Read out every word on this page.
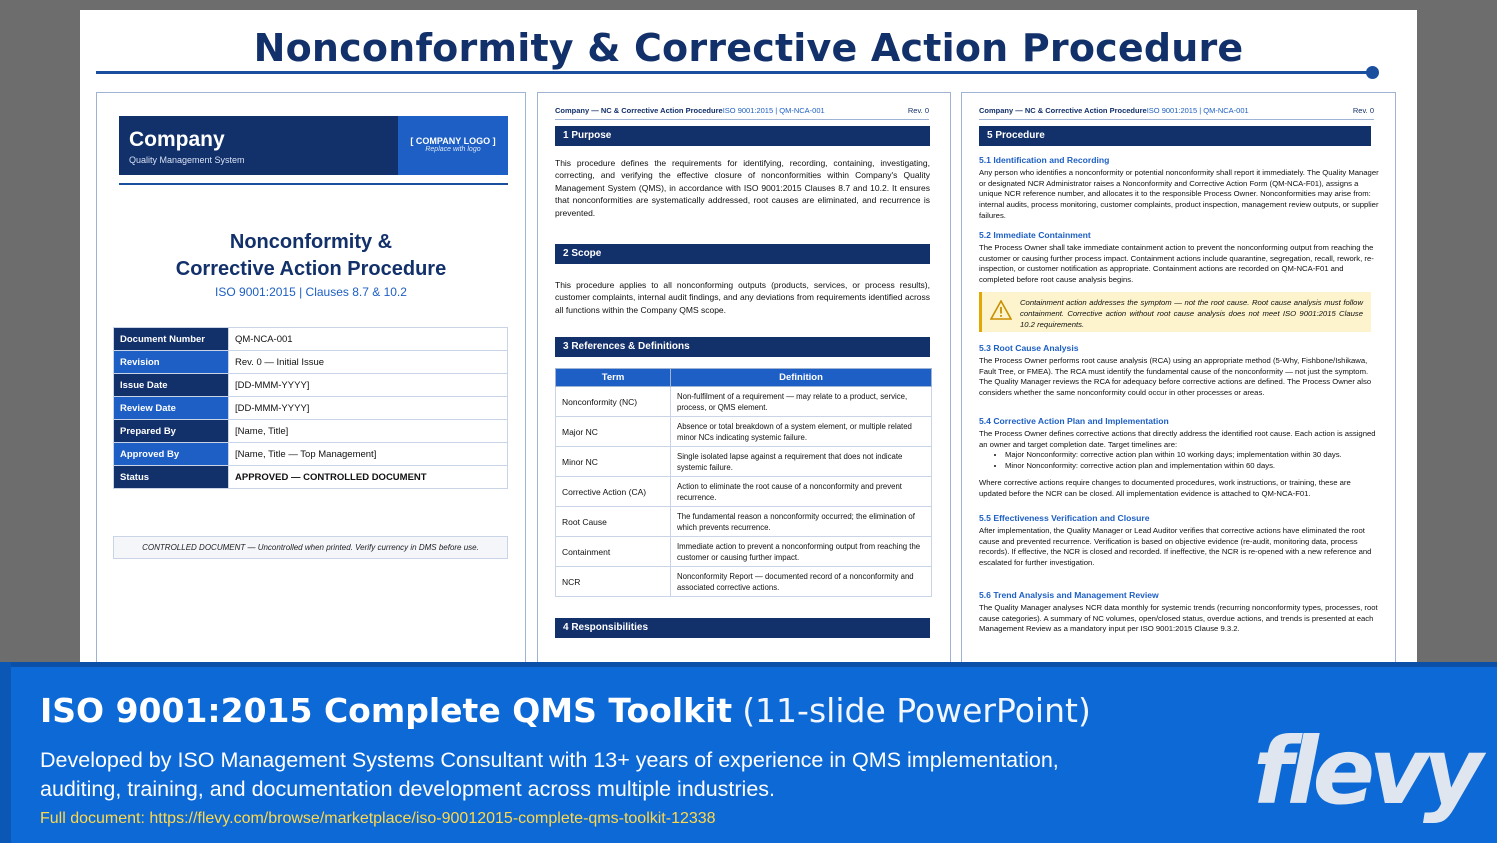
Nonconformity & Corrective Action Procedure
Company
Quality Management System
[ COMPANY LOGO ]
Replace with logo
Nonconformity &
Corrective Action Procedure
ISO 9001:2015 | Clauses 8.7 & 10.2
Document Number	QM-NCA-001
Revision	Rev. 0 — Initial Issue
Issue Date	[DD-MMM-YYYY]
Review Date	[DD-MMM-YYYY]
Prepared By	[Name, Title]
Approved By	[Name, Title — Top Management]
Status	APPROVED — CONTROLLED DOCUMENT
CONTROLLED DOCUMENT — Uncontrolled when printed. Verify currency in DMS before use.
Company — NC & Corrective Action ProcedureISO 9001:2015 | QM-NCA-001	Rev. 0
1 Purpose
This procedure defines the requirements for identifying, recording, containing, investigating, correcting, and verifying the effective closure of nonconformities within Company's Quality Management System (QMS), in accordance with ISO 9001:2015 Clauses 8.7 and 10.2. It ensures that nonconformities are systematically addressed, root causes are eliminated, and recurrence is prevented.
2 Scope
This procedure applies to all nonconforming outputs (products, services, or process results), customer complaints, internal audit findings, and any deviations from requirements identified across all functions within the Company QMS scope.
3 References & Definitions
Term	Definition
Nonconformity (NC)	Non-fulfilment of a requirement — may relate to a product, service, process, or QMS element.
Major NC	Absence or total breakdown of a system element, or multiple related minor NCs indicating systemic failure.
Minor NC	Single isolated lapse against a requirement that does not indicate systemic failure.
Corrective Action (CA)	Action to eliminate the root cause of a nonconformity and prevent recurrence.
Root Cause	The fundamental reason a nonconformity occurred; the elimination of which prevents recurrence.
Containment	Immediate action to prevent a nonconforming output from reaching the customer or causing further impact.
NCR	Nonconformity Report — documented record of a nonconformity and associated corrective actions.
4 Responsibilities
Company — NC & Corrective Action ProcedureISO 9001:2015 | QM-NCA-001	Rev. 0
5 Procedure
5.1 Identification and Recording
Any person who identifies a nonconformity or potential nonconformity shall report it immediately. The Quality Manager or designated NCR Administrator raises a Nonconformity and Corrective Action Form (QM-NCA-F01), assigns a unique NCR reference number, and allocates it to the responsible Process Owner. Nonconformities may arise from: internal audits, process monitoring, customer complaints, product inspection, management review outputs, or supplier failures.
5.2 Immediate Containment
The Process Owner shall take immediate containment action to prevent the nonconforming output from reaching the customer or causing further process impact. Containment actions include quarantine, segregation, recall, rework, re-inspection, or customer notification as appropriate. Containment actions are recorded on QM-NCA-F01 and completed before root cause analysis begins.
Containment action addresses the symptom — not the root cause. Root cause analysis must follow containment. Corrective action without root cause analysis does not meet ISO 9001:2015 Clause 10.2 requirements.
5.3 Root Cause Analysis
The Process Owner performs root cause analysis (RCA) using an appropriate method (5-Why, Fishbone/Ishikawa, Fault Tree, or FMEA). The RCA must identify the fundamental cause of the nonconformity — not just the symptom. The Quality Manager reviews the RCA for adequacy before corrective actions are defined. The Process Owner also considers whether the same nonconformity could occur in other processes or areas.
5.4 Corrective Action Plan and Implementation
The Process Owner defines corrective actions that directly address the identified root cause. Each action is assigned an owner and target completion date. Target timelines are:
• Major Nonconformity: corrective action plan within 10 working days; implementation within 30 days.
• Minor Nonconformity: corrective action plan and implementation within 60 days.
Where corrective actions require changes to documented procedures, work instructions, or training, these are updated before the NCR can be closed. All implementation evidence is attached to QM-NCA-F01.
5.5 Effectiveness Verification and Closure
After implementation, the Quality Manager or Lead Auditor verifies that corrective actions have eliminated the root cause and prevented recurrence. Verification is based on objective evidence (re-audit, monitoring data, process records). If effective, the NCR is closed and recorded. If ineffective, the NCR is re-opened with a new reference and escalated for further investigation.
5.6 Trend Analysis and Management Review
The Quality Manager analyses NCR data monthly for systemic trends (recurring nonconformity types, processes, root cause categories). A summary of NC volumes, open/closed status, overdue actions, and trends is presented at each Management Review as a mandatory input per ISO 9001:2015 Clause 9.3.2.
ISO 9001:2015 Complete QMS Toolkit (11-slide PowerPoint)
Developed by ISO Management Systems Consultant with 13+ years of experience in QMS implementation, auditing, training, and documentation development across multiple industries.
Full document: https://flevy.com/browse/marketplace/iso-90012015-complete-qms-toolkit-12338	flevy
